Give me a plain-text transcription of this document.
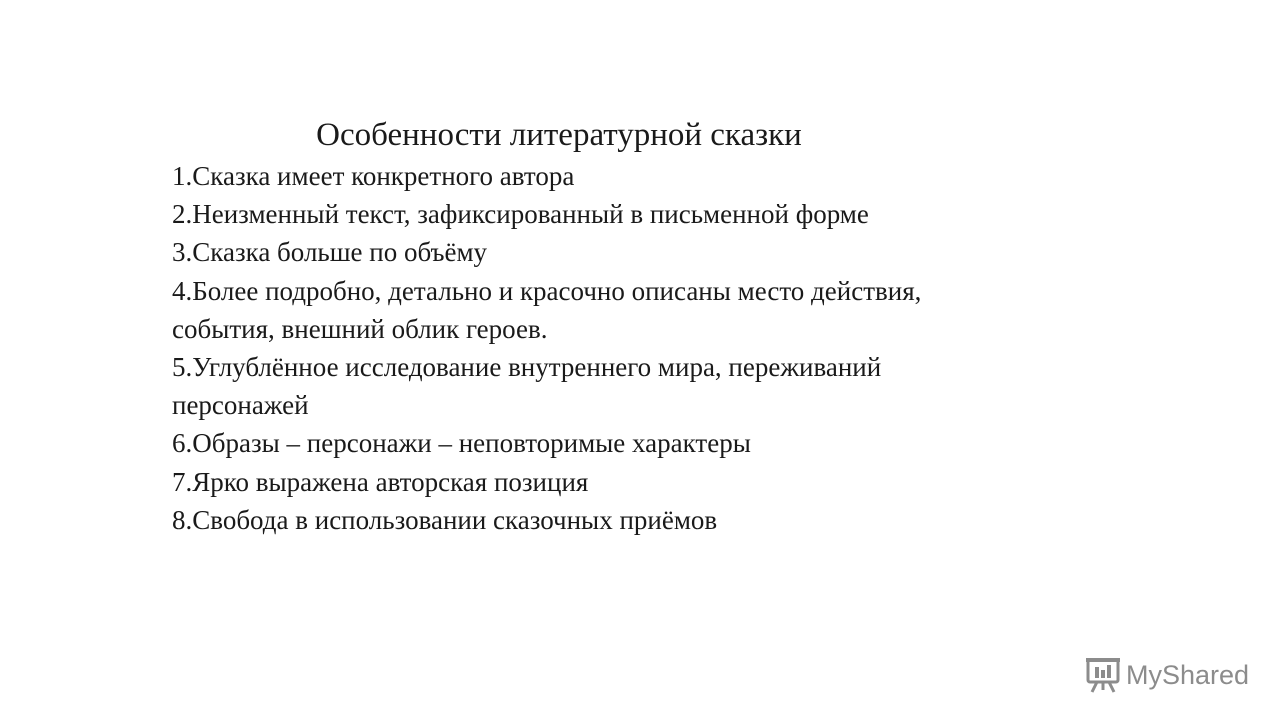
Особенности литературной сказки
1.Сказка имеет конкретного автора
2.Неизменный текст, зафиксированный в письменной форме
3.Сказка больше по объёму
4.Более подробно, детально и красочно описаны место действия, события, внешний облик героев.
5.Углублённое исследование внутреннего мира, переживаний персонажей
6.Образы – персонажи – неповторимые характеры
7.Ярко выражена авторская позиция
8.Свобода в использовании сказочных приёмов
MyShared
